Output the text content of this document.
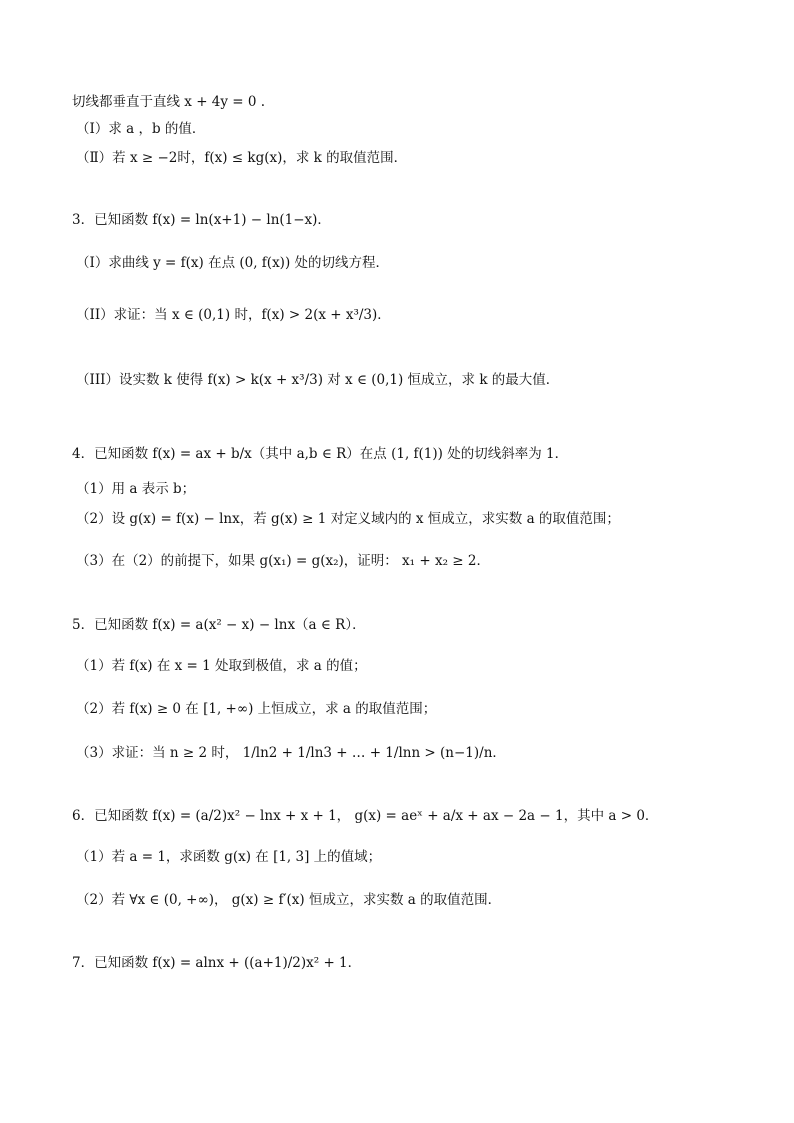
切线都垂直于直线 x + 4y = 0 .
（Ⅰ）求 a ，b 的值．
（Ⅱ）若 x ≥ −2时，f(x) ≤ kg(x)，求 k 的取值范围．
3．已知函数 f(x) = ln(x+1) − ln(1−x)．
（I）求曲线 y = f(x) 在点 (0, f(x)) 处的切线方程．
（II）求证：当 x ∈ (0,1) 时，f(x) > 2(x + x³/3)．
（III）设实数 k 使得 f(x) > k(x + x³/3) 对 x ∈ (0,1) 恒成立，求 k 的最大值．
4．已知函数 f(x) = ax + b/x（其中 a,b ∈ R）在点 (1, f(1)) 处的切线斜率为 1．
（1）用 a 表示 b；
（2）设 g(x) = f(x) − lnx，若 g(x) ≥ 1 对定义域内的 x 恒成立，求实数 a 的取值范围；
（3）在（2）的前提下，如果 g(x₁) = g(x₂)，证明： x₁ + x₂ ≥ 2．
5．已知函数 f(x) = a(x² − x) − lnx（a ∈ R）．
（1）若 f(x) 在 x = 1 处取到极值，求 a 的值；
（2）若 f(x) ≥ 0 在 [1, +∞) 上恒成立，求 a 的取值范围；
（3）求证：当 n ≥ 2 时， 1/ln2 + 1/ln3 + … + 1/lnn > (n−1)/n．
6．已知函数 f(x) = (a/2)x² − lnx + x + 1， g(x) = aeˣ + a/x + ax − 2a − 1，其中 a > 0．
（1）若 a = 1，求函数 g(x) 在 [1, 3] 上的值域；
（2）若 ∀x ∈ (0, +∞)， g(x) ≥ f′(x) 恒成立，求实数 a 的取值范围．
7．已知函数 f(x) = alnx + ((a+1)/2)x² + 1．
